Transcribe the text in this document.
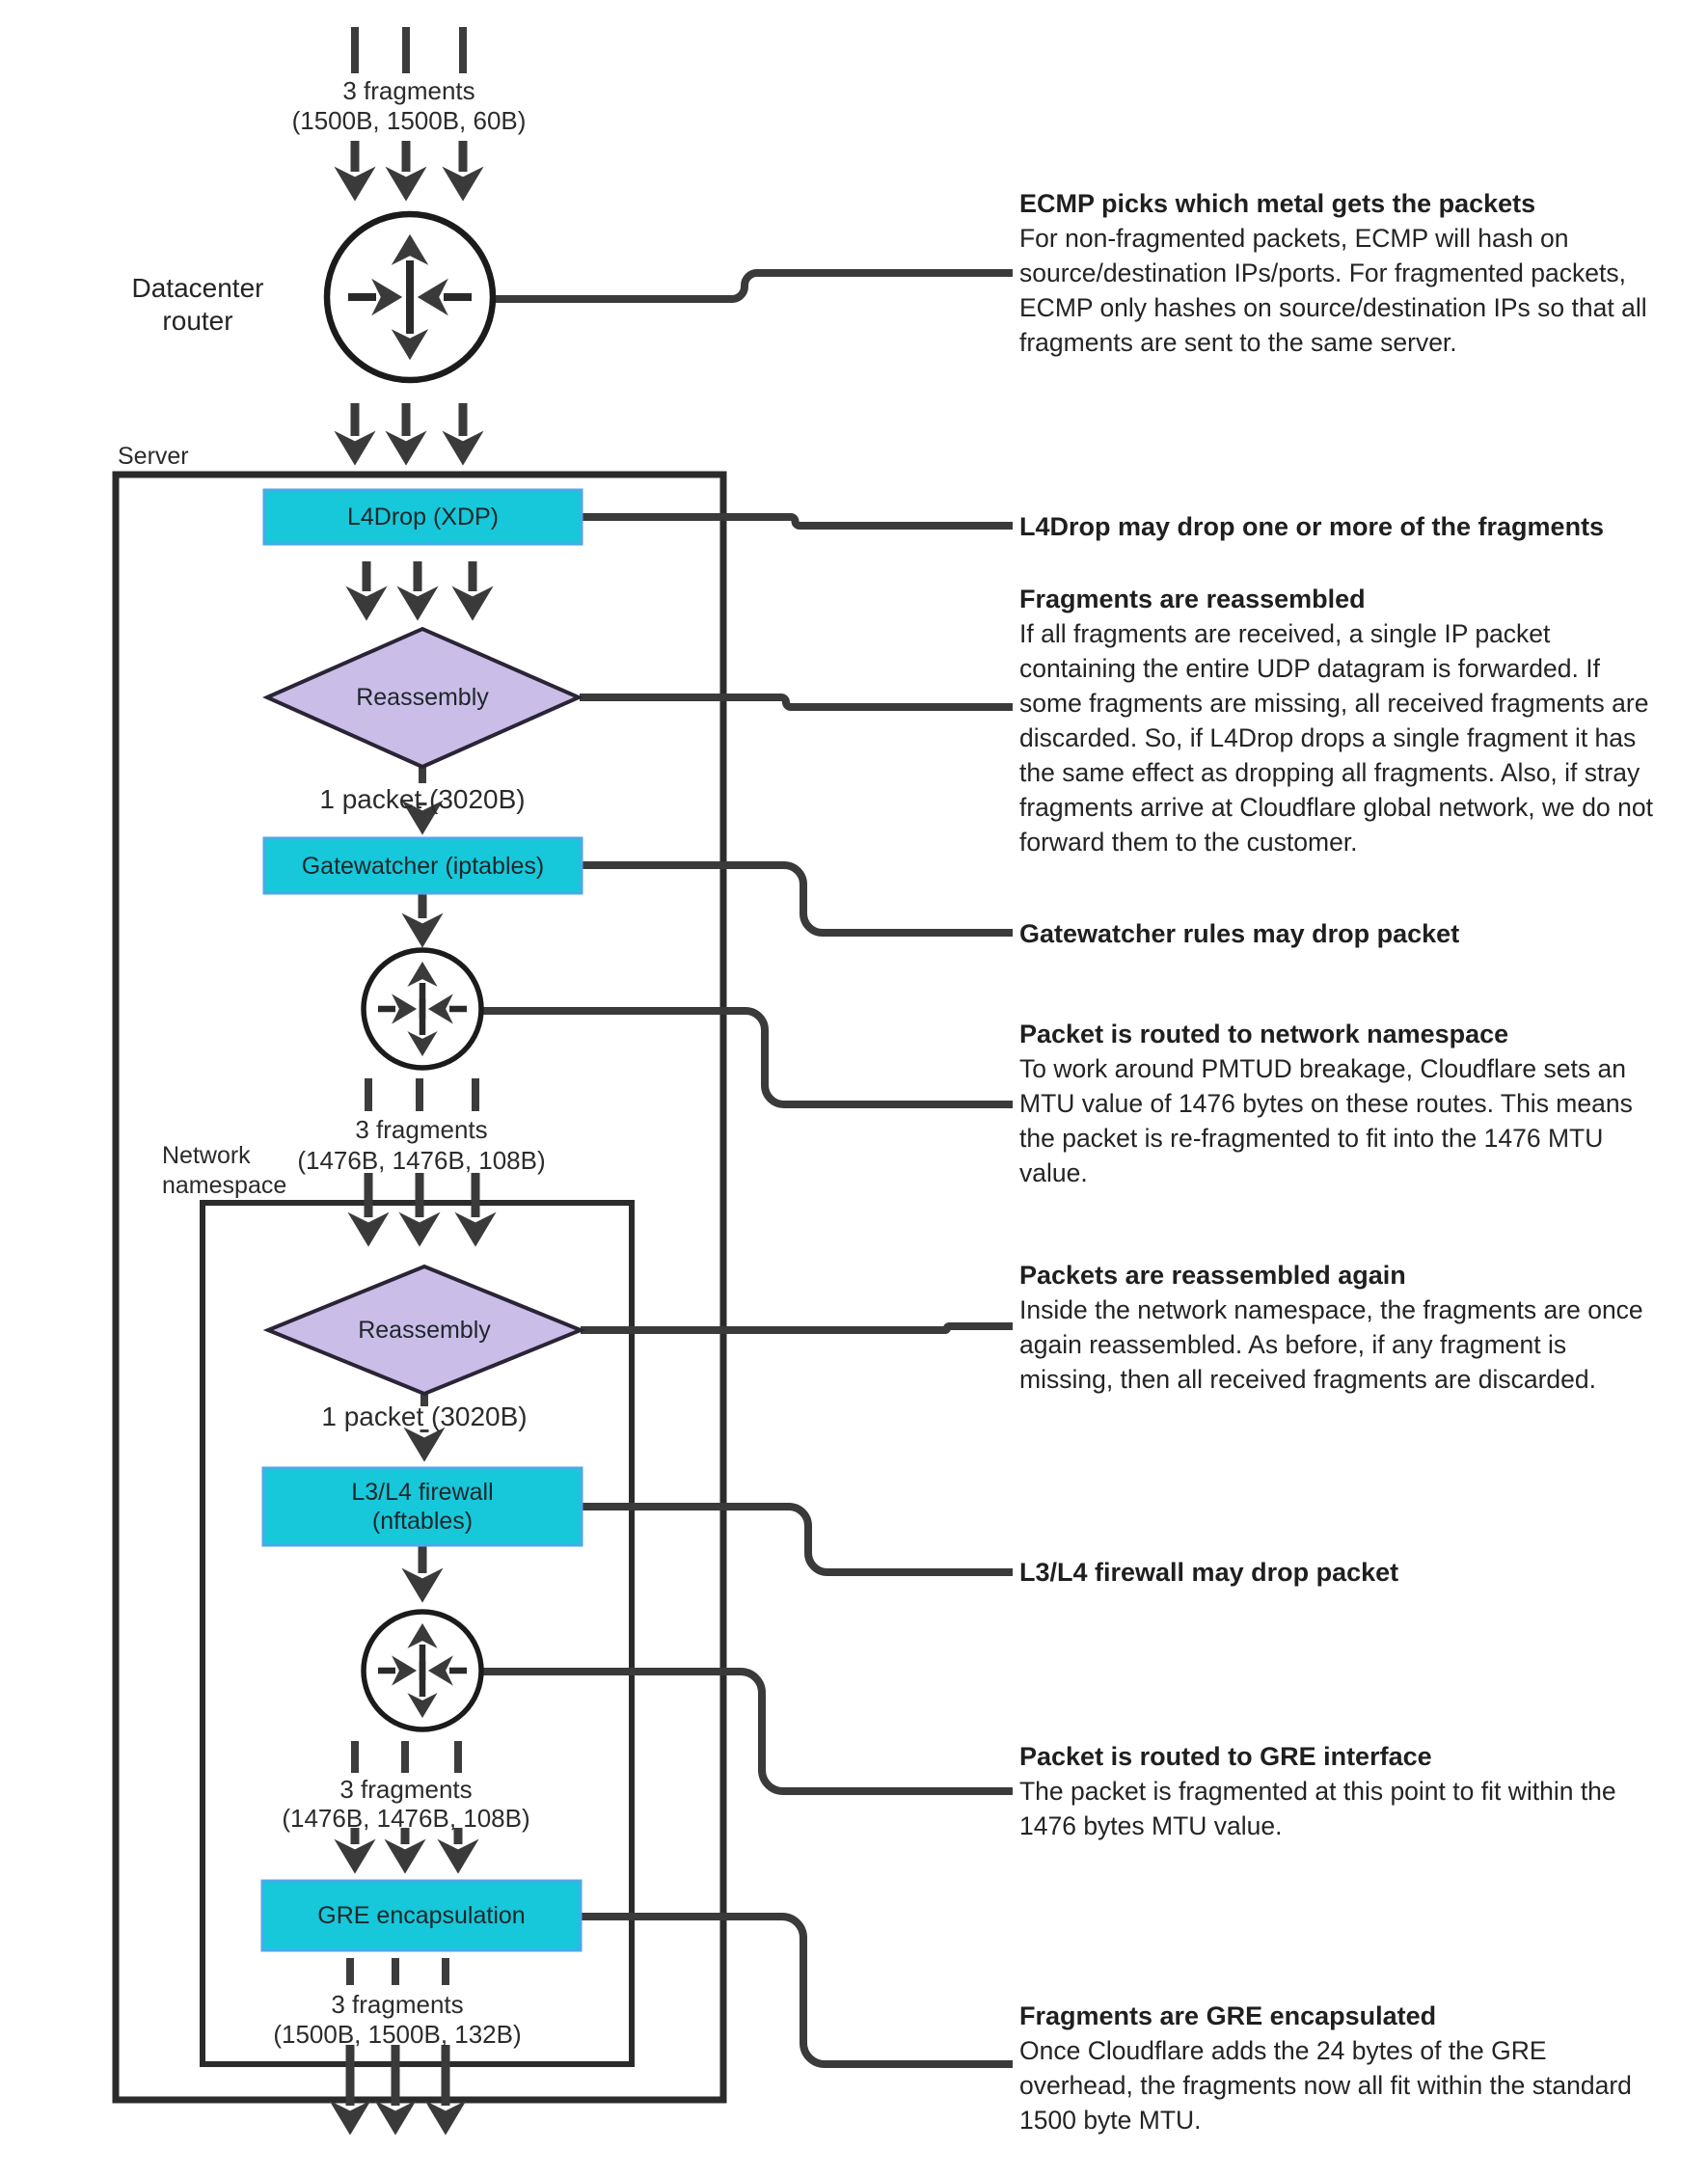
3 fragments
(1500B, 1500B, 60B)
Datacenter router
Server
L4Drop (XDP)
Reassembly
1 packet (3020B)
Gatewatcher (iptables)
3 fragments
(1476B, 1476B, 108B)
Network namespace
Reassembly
1 packet (3020B)
L3/L4 firewall
(nftables)
3 fragments
(1476B, 1476B, 108B)
GRE encapsulation
3 fragments
(1500B, 1500B, 132B)
ECMP picks which metal gets the packets
For non-fragmented packets, ECMP will hash on source/destination IPs/ports. For fragmented packets, ECMP only hashes on source/destination IPs so that all fragments are sent to the same server.
L4Drop may drop one or more of the fragments
Fragments are reassembled
If all fragments are received, a single IP packet containing the entire UDP datagram is forwarded. If some fragments are missing, all received fragments are discarded. So, if L4Drop drops a single fragment it has the same effect as dropping all fragments. Also, if stray fragments arrive at Cloudflare global network, we do not forward them to the customer.
Gatewatcher rules may drop packet
Packet is routed to network namespace
To work around PMTUD breakage, Cloudflare sets an MTU value of 1476 bytes on these routes. This means the packet is re-fragmented to fit into the 1476 MTU value.
Packets are reassembled again
Inside the network namespace, the fragments are once again reassembled. As before, if any fragment is missing, then all received fragments are discarded.
L3/L4 firewall may drop packet
Packet is routed to GRE interface
The packet is fragmented at this point to fit within the 1476 bytes MTU value.
Fragments are GRE encapsulated
Once Cloudflare adds the 24 bytes of the GRE overhead, the fragments now all fit within the standard 1500 byte MTU.
